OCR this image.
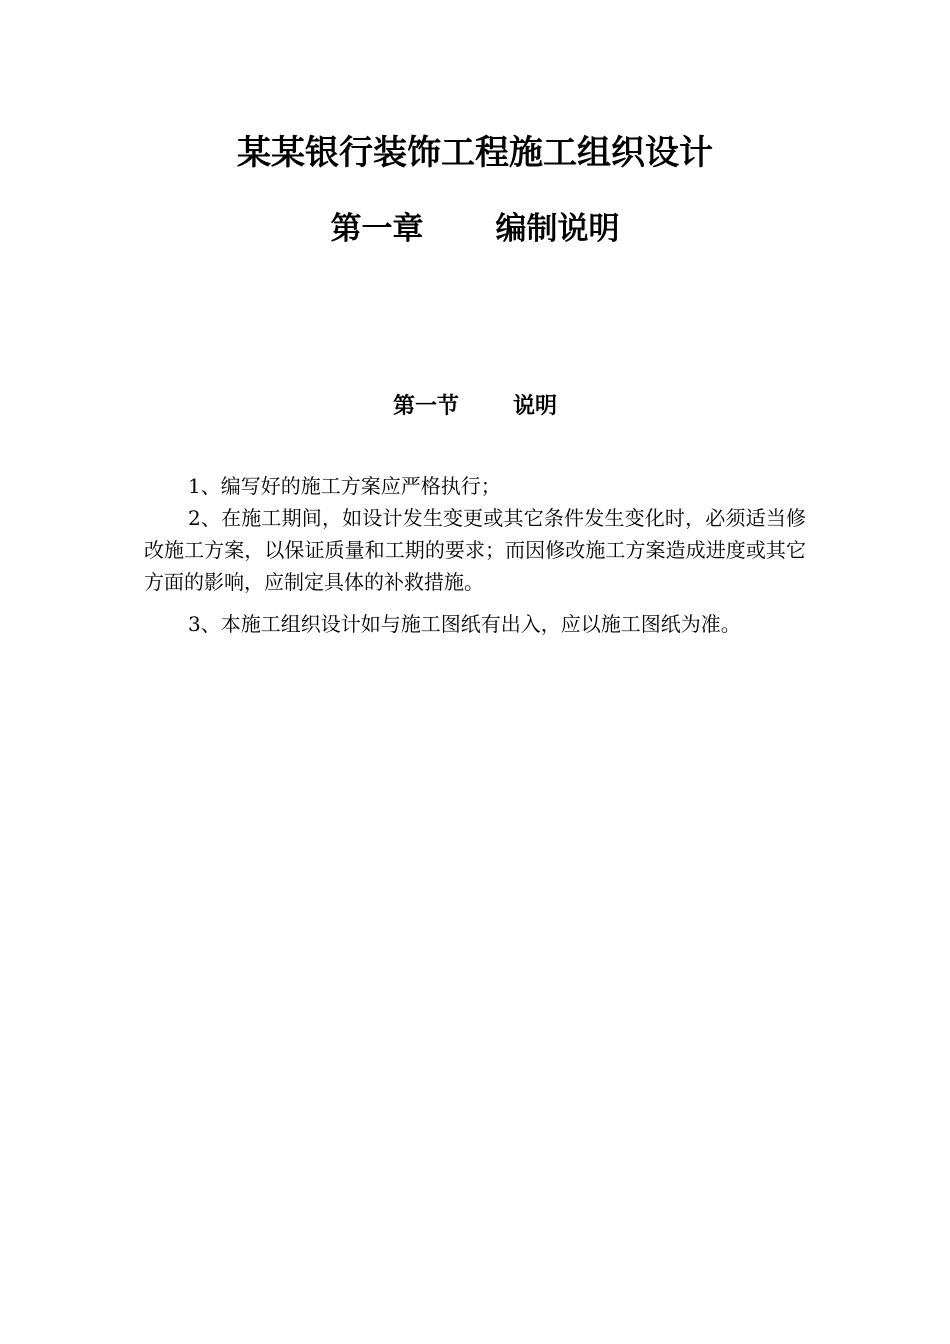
某某银行装饰工程施工组织设计
第一章 编制说明
第一节 说明

1、编写好的施工方案应严格执行；

2、在施工期间，如设计发生变更或其它条件发生变化时，必须适当修改施工方案，以保证质量和工期的要求；而因修改施工方案造成进度或其它方面的影响，应制定具体的补救措施。

3、本施工组织设计如与施工图纸有出入，应以施工图纸为准。
